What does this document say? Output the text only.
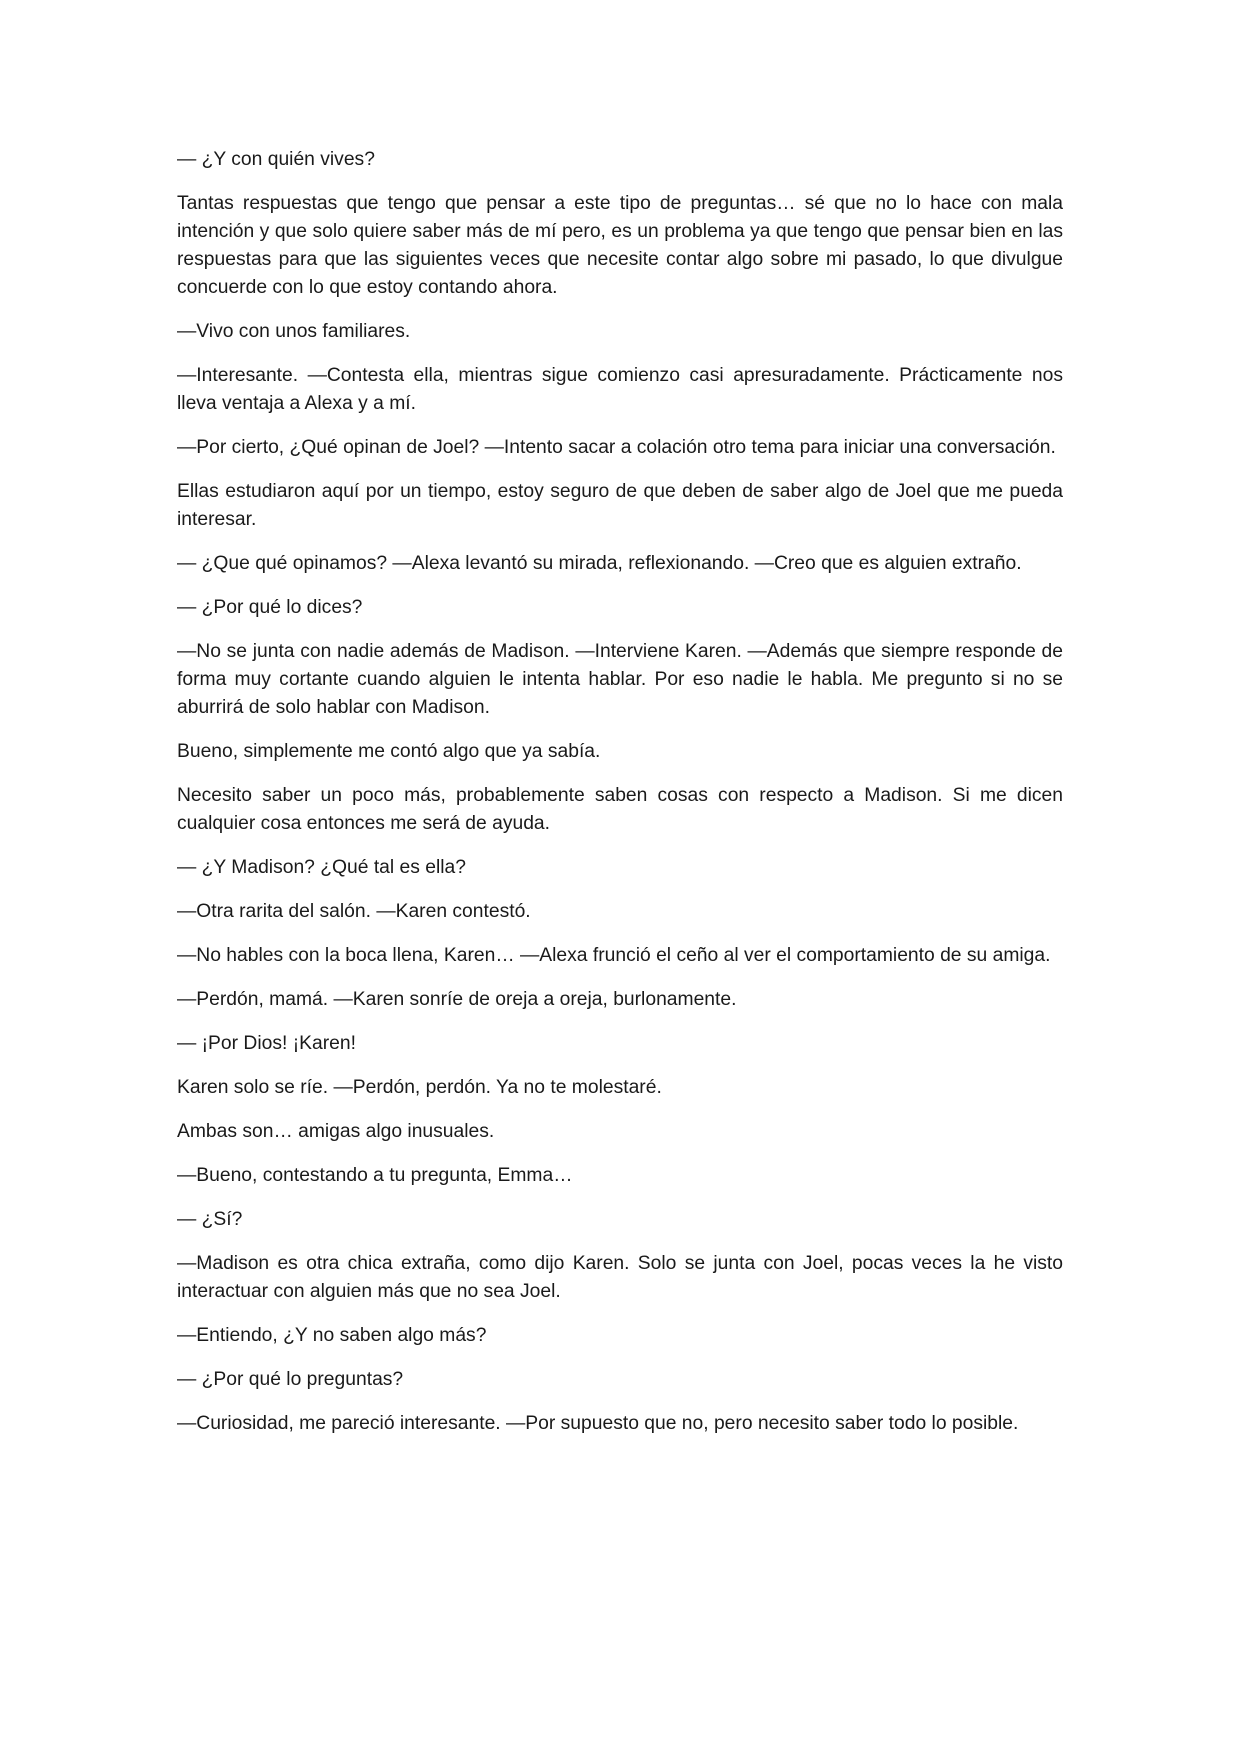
— ¿Y con quién vives?

Tantas respuestas que tengo que pensar a este tipo de preguntas… sé que no lo hace con mala intención y que solo quiere saber más de mí pero, es un problema ya que tengo que pensar bien en las respuestas para que las siguientes veces que necesite contar algo sobre mi pasado, lo que divulgue concuerde con lo que estoy contando ahora.

—Vivo con unos familiares.

—Interesante. —Contesta ella, mientras sigue comienzo casi apresuradamente. Prácticamente nos lleva ventaja a Alexa y a mí.

—Por cierto, ¿Qué opinan de Joel? —Intento sacar a colación otro tema para iniciar una conversación.

Ellas estudiaron aquí por un tiempo, estoy seguro de que deben de saber algo de Joel que me pueda interesar.

— ¿Que qué opinamos? —Alexa levantó su mirada, reflexionando. —Creo que es alguien extraño.

— ¿Por qué lo dices?

—No se junta con nadie además de Madison. —Interviene Karen. —Además que siempre responde de forma muy cortante cuando alguien le intenta hablar. Por eso nadie le habla. Me pregunto si no se aburrirá de solo hablar con Madison.

Bueno, simplemente me contó algo que ya sabía.

Necesito saber un poco más, probablemente saben cosas con respecto a Madison. Si me dicen cualquier cosa entonces me será de ayuda.

— ¿Y Madison? ¿Qué tal es ella?

—Otra rarita del salón. —Karen contestó.

—No hables con la boca llena, Karen… —Alexa frunció el ceño al ver el comportamiento de su amiga.

—Perdón, mamá. —Karen sonríe de oreja a oreja, burlonamente.

— ¡Por Dios! ¡Karen!

Karen solo se ríe. —Perdón, perdón. Ya no te molestaré.

Ambas son… amigas algo inusuales.

—Bueno, contestando a tu pregunta, Emma…

— ¿Sí?

—Madison es otra chica extraña, como dijo Karen. Solo se junta con Joel, pocas veces la he visto interactuar con alguien más que no sea Joel.

—Entiendo, ¿Y no saben algo más?

— ¿Por qué lo preguntas?

—Curiosidad, me pareció interesante. —Por supuesto que no, pero necesito saber todo lo posible.
